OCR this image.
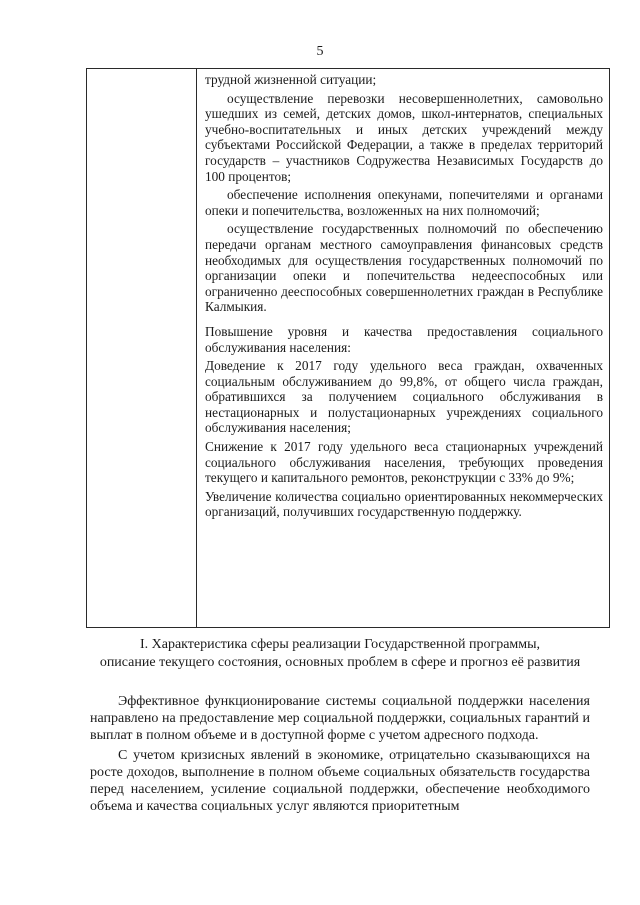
5
трудной жизненной ситуации;
осуществление перевозки несовершеннолетних, самовольно ушедших из семей, детских домов, школ-интернатов, специальных учебно-воспитательных и иных детских учреждений между субъектами Российской Федерации, а также в пределах территорий государств – участников Содружества Независимых Государств до 100 процентов;
обеспечение исполнения опекунами, попечителями и органами опеки и попечительства, возложенных на них полномочий;
осуществление государственных полномочий по обеспечению передачи органам местного самоуправления финансовых средств необходимых для осуществления государственных полномочий по организации опеки и попечительства недееспособных или ограниченно дееспособных совершеннолетних граждан в Республике Калмыкия.
Повышение уровня и качества предоставления социального обслуживания населения:
Доведение к 2017 году удельного веса граждан, охваченных социальным обслуживанием до 99,8%, от общего числа граждан, обратившихся за получением социального обслуживания в нестационарных и полустационарных учреждениях социального обслуживания населения;
Снижение к 2017 году удельного веса стационарных учреждений социального обслуживания населения, требующих проведения текущего и капитального ремонтов, реконструкции с 33% до 9%;
Увеличение количества социально ориентированных некоммерческих организаций, получивших государственную поддержку.
I. Характеристика сферы реализации Государственной программы,
описание текущего состояния, основных проблем в сфере и прогноз её развития
Эффективное функционирование системы социальной поддержки населения направлено на предоставление мер социальной поддержки, социальных гарантий и выплат в полном объеме и в доступной форме с учетом адресного подхода.
С учетом кризисных явлений в экономике, отрицательно сказывающихся на росте доходов, выполнение в полном объеме социальных обязательств государства перед населением, усиление социальной поддержки, обеспечение необходимого объема и качества социальных услуг являются приоритетным
